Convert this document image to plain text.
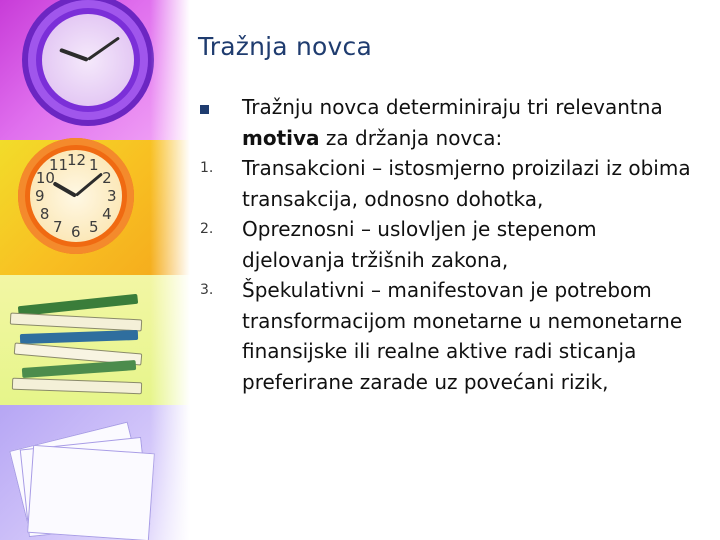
12 1
2
3
4
5
6
7
8
9
10
11
Tražnja novca
Tražnju novca determiniraju tri relevantna motiva za držanja novca:
1. Transakcioni – istosmjerno proizilazi iz obima transakcija, odnosno dohotka,
2. Opreznosni – uslovljen je stepenom djelovanja tržišnih zakona,
3. Špekulativni – manifestovan je potrebom transformacijom monetarne u nemonetarne finansijske ili realne aktive radi sticanja preferirane zarade uz povećani rizik,
